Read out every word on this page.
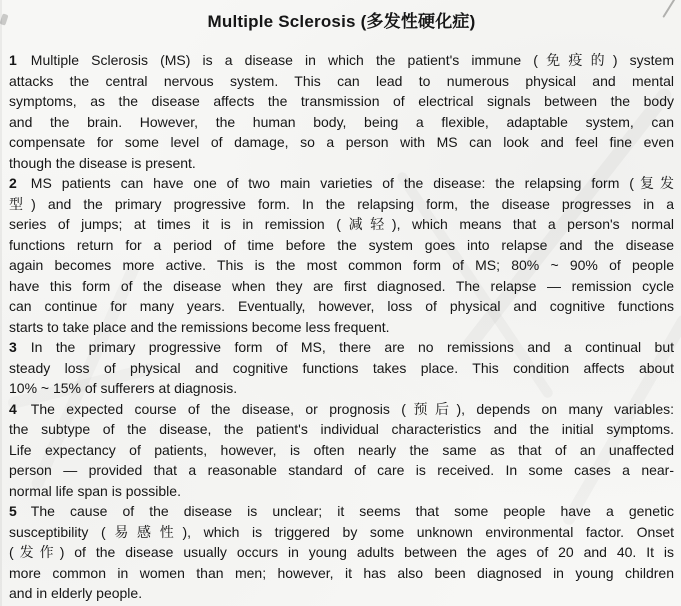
Multiple Sclerosis (多发性硬化症)
1 Multiple Sclerosis (MS) is a disease in which the patient's immune (免疫的) system
attacks the central nervous system. This can lead to numerous physical and mental
symptoms, as the disease affects the transmission of electrical signals between the body
and the brain. However, the human body, being a flexible, adaptable system, can
compensate for some level of damage, so a person with MS can look and feel fine even
though the disease is present.
2 MS patients can have one of two main varieties of the disease: the relapsing form (复发
型) and the primary progressive form. In the relapsing form, the disease progresses in a
series of jumps; at times it is in remission (减轻), which means that a person's normal
functions return for a period of time before the system goes into relapse and the disease
again becomes more active. This is the most common form of MS; 80% ~ 90% of people
have this form of the disease when they are first diagnosed. The relapse — remission cycle
can continue for many years. Eventually, however, loss of physical and cognitive functions
starts to take place and the remissions become less frequent.
3 In the primary progressive form of MS, there are no remissions and a continual but
steady loss of physical and cognitive functions takes place. This condition affects about
10% ~ 15% of sufferers at diagnosis.
4 The expected course of the disease, or prognosis (预后), depends on many variables:
the subtype of the disease, the patient's individual characteristics and the initial symptoms.
Life expectancy of patients, however, is often nearly the same as that of an unaffected
person — provided that a reasonable standard of care is received. In some cases a near-
normal life span is possible.
5 The cause of the disease is unclear; it seems that some people have a genetic
susceptibility (易感性), which is triggered by some unknown environmental factor. Onset
(发作) of the disease usually occurs in young adults between the ages of 20 and 40. It is
more common in women than men; however, it has also been diagnosed in young children
and in elderly people.
